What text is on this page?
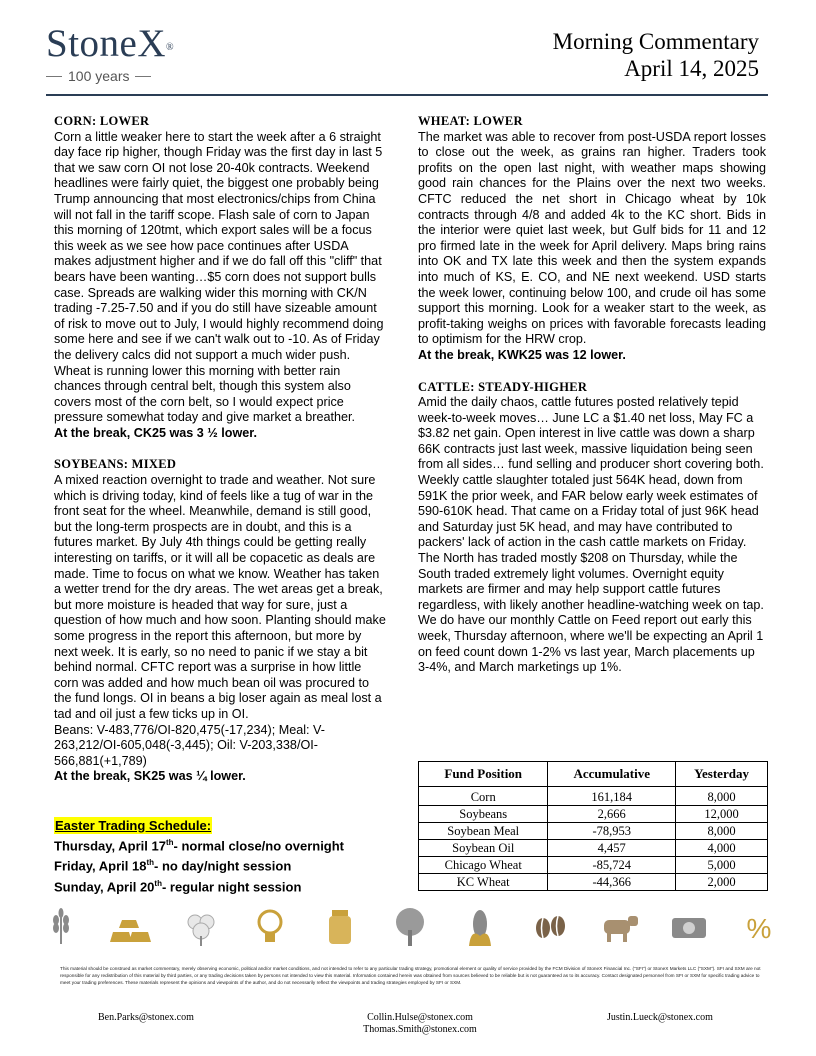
StoneX®
100 years
Morning Commentary
April 14, 2025

CORN: LOWER

Corn a little weaker here to start the week after a 6 straight day face rip higher, though Friday was the first day in last 5 that we saw corn OI not lose 20-40k contracts. Weekend headlines were fairly quiet, the biggest one probably being Trump announcing that most electronics/chips from China will not fall in the tariff scope. Flash sale of corn to Japan this morning of 120tmt, which export sales will be a focus this week as we see how pace continues after USDA makes adjustment higher and if we do fall off this "cliff" that bears have been wanting…$5 corn does not support bulls case. Spreads are walking wider this morning with CK/N trading -7.25-7.50 and if you do still have sizeable amount of risk to move out to July, I would highly recommend doing some here and see if we can't walk out to -10. As of Friday the delivery calcs did not support a much wider push. Wheat is running lower this morning with better rain chances through central belt, though this system also covers most of the corn belt, so I would expect price pressure somewhat today and give market a breather.

At the break, CK25 was 3 ½ lower.

SOYBEANS: MIXED

A mixed reaction overnight to trade and weather. Not sure which is driving today, kind of feels like a tug of war in the front seat for the wheel. Meanwhile, demand is still good, but the long-term prospects are in doubt, and this is a futures market. By July 4th things could be getting really interesting on tariffs, or it will all be copacetic as deals are made. Time to focus on what we know. Weather has taken a wetter trend for the dry areas. The wet areas get a break, but more moisture is headed that way for sure, just a question of how much and how soon. Planting should make some progress in the report this afternoon, but more by next week. It is early, so no need to panic if we stay a bit behind normal. CFTC report was a surprise in how little corn was added and how much bean oil was procured to the fund longs. OI in beans a big loser again as meal lost a tad and oil just a few ticks up in OI.

Beans: V-483,776/OI-820,475(-17,234); Meal: V-263,212/OI-605,048(-3,445); Oil: V-203,338/OI-566,881(+1,789)

At the break, SK25 was ¼ lower.

Easter Trading Schedule:
Thursday, April 17th- normal close/no overnight
Friday, April 18th- no day/night session
Sunday, April 20th- regular night session

WHEAT: LOWER

The market was able to recover from post-USDA report losses to close out the week, as grains ran higher. Traders took profits on the open last night, with weather maps showing good rain chances for the Plains over the next two weeks. CFTC reduced the net short in Chicago wheat by 10k contracts through 4/8 and added 4k to the KC short. Bids in the interior were quiet last week, but Gulf bids for 11 and 12 pro firmed late in the week for April delivery. Maps bring rains into OK and TX late this week and then the system expands into much of KS, E. CO, and NE next weekend. USD starts the week lower, continuing below 100, and crude oil has some support this morning. Look for a weaker start to the week, as profit-taking weighs on prices with favorable forecasts leading to optimism for the HRW crop.

At the break, KWK25 was 12 lower.

CATTLE: STEADY-HIGHER

Amid the daily chaos, cattle futures posted relatively tepid week-to-week moves… June LC a $1.40 net loss, May FC a $3.82 net gain. Open interest in live cattle was down a sharp 66K contracts just last week, massive liquidation being seen from all sides… fund selling and producer short covering both. Weekly cattle slaughter totaled just 564K head, down from 591K the prior week, and FAR below early week estimates of 590-610K head. That came on a Friday total of just 96K head and Saturday just 5K head, and may have contributed to packers' lack of action in the cash cattle markets on Friday. The North has traded mostly $208 on Thursday, while the South traded extremely light volumes. Overnight equity markets are firmer and may help support cattle futures regardless, with likely another headline-watching week on tap. We do have our monthly Cattle on Feed report out early this week, Thursday afternoon, where we'll be expecting an April 1 on feed count down 1-2% vs last year, March placements up 3-4%, and March marketings up 1%.

Fund Position	Accumulative	Yesterday
Corn	161,184	8,000
Soybeans	2,666	12,000
Soybean Meal	-78,953	8,000
Soybean Oil	4,457	4,000
Chicago Wheat	-85,724	5,000
KC Wheat	-44,366	2,000
%
This material should be construed as market commentary, merely observing economic, political and/or market conditions, and not intended to refer to any particular trading strategy, promotional element or quality of service provided by the FCM Division of StoneX Financial Inc. ("SFI") or StoneX Markets LLC ("SXM"). SFI and SXM are not responsible for any redistribution of this material by third parties, or any trading decisions taken by persons not intended to view this material. Information contained herein was obtained from sources believed to be reliable but is not guaranteed as to its accuracy. Contact designated personnel from SFI or SXM for specific trading advice to meet your trading preferences. These materials represent the opinions and viewpoints of the author, and do not necessarily reflect the viewpoints and trading strategies employed by SFI or SXM.
Ben.Parks@stonex.com	Collin.Hulse@stonex.com
Thomas.Smith@stonex.com
Justin.Lueck@stonex.com
